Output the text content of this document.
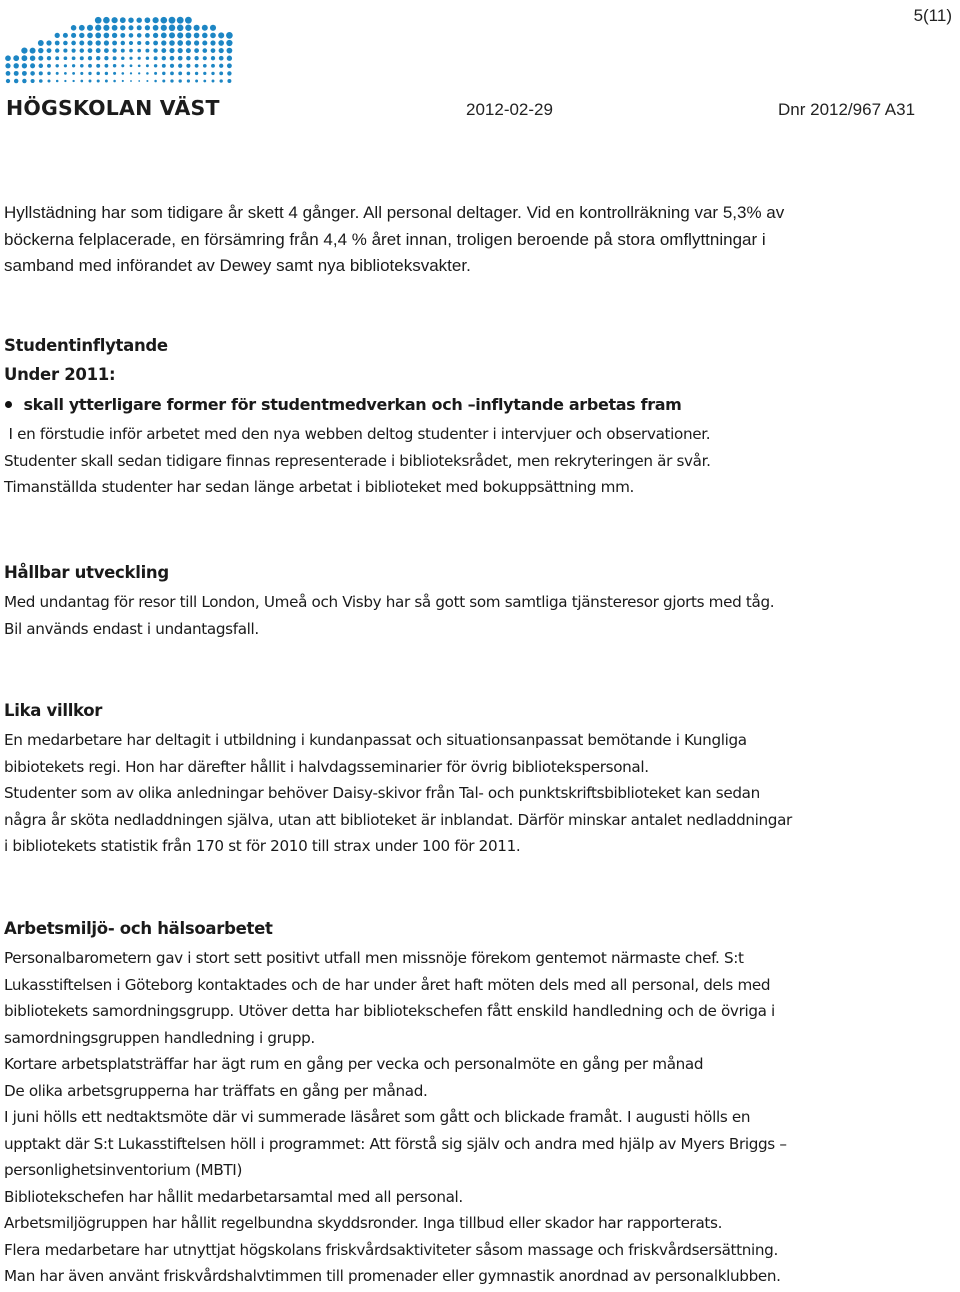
5(11)
HÖGSKOLAN VÄST	2012-02-29	Dnr 2012/967 A31
Hyllstädning har som tidigare år skett 4 gånger. All personal deltager. Vid en kontrollräkning var 5,3% av
böckerna felplacerade, en försämring från 4,4 % året innan, troligen beroende på stora omflyttningar i
samband med införandet av Dewey samt nya biblioteksvakter.
Studentinflytande
Under 2011:
skall ytterligare former för studentmedverkan och –inflytande arbetas fram
I en förstudie inför arbetet med den nya webben deltog studenter i intervjuer och observationer.
Studenter skall sedan tidigare finnas representerade i biblioteksrådet, men rekryteringen är svår.
Timanställda studenter har sedan länge arbetat i biblioteket med bokuppsättning mm.
Hållbar utveckling
Med undantag för resor till London, Umeå och Visby har så gott som samtliga tjänsteresor gjorts med tåg.
Bil används endast i undantagsfall.
Lika villkor
En medarbetare har deltagit i utbildning i kundanpassat och situationsanpassat bemötande i Kungliga
bibiotekets regi. Hon har därefter hållit i halvdagsseminarier för övrig bibliotekspersonal.
Studenter som av olika anledningar behöver Daisy-skivor från Tal- och punktskriftsbiblioteket kan sedan
några år sköta nedladdningen själva, utan att biblioteket är inblandat. Därför minskar antalet nedladdningar
i bibliotekets statistik från 170 st för 2010 till strax under 100 för 2011.
Arbetsmiljö- och hälsoarbetet
Personalbarometern gav i stort sett positivt utfall men missnöje förekom gentemot närmaste chef. S:t
Lukasstiftelsen i Göteborg kontaktades och de har under året haft möten dels med all personal, dels med
bibliotekets samordningsgrupp. Utöver detta har bibliotekschefen fått enskild handledning och de övriga i
samordningsgruppen handledning i grupp.
Kortare arbetsplatsträffar har ägt rum en gång per vecka och personalmöte en gång per månad
De olika arbetsgrupperna har träffats en gång per månad.
I juni hölls ett nedtaktsmöte där vi summerade läsåret som gått och blickade framåt. I augusti hölls en
upptakt där S:t Lukasstiftelsen höll i programmet: Att förstå sig själv och andra med hjälp av Myers Briggs –
personlighetsinventorium (MBTI)
Bibliotekschefen har hållit medarbetarsamtal med all personal.
Arbetsmiljögruppen har hållit regelbundna skyddsronder. Inga tillbud eller skador har rapporterats.
Flera medarbetare har utnyttjat högskolans friskvårdsaktiviteter såsom massage och friskvårdsersättning.
Man har även använt friskvårdshalvtimmen till promenader eller gymnastik anordnad av personalklubben.
